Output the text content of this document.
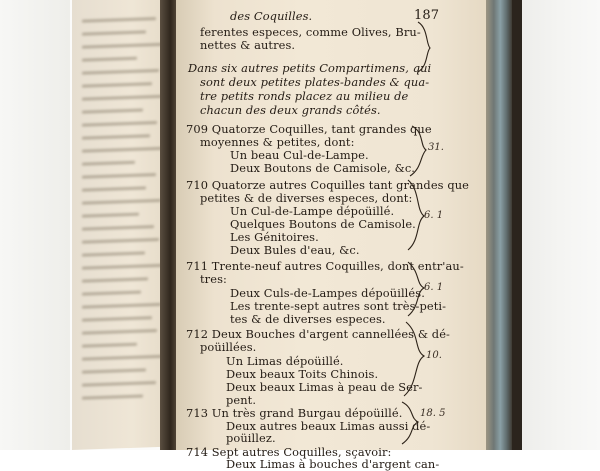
des Coquilles.	187
ferentes especes, comme Olives, Bru-
nettes & autres.
Dans six autres petits Compartimens, qui
sont deux petites plates-bandes & qua-
tre petits ronds placez au milieu de
chacun des deux grands côtés.
709 Quatorze Coquilles, tant grandes que
moyennes & petites, dont:
Un beau Cul-de-Lampe.
Deux Boutons de Camisole, &c.
710 Quatorze autres Coquilles tant grandes que
petites & de diverses especes, dont:
Un Cul-de-Lampe dépoüillé.
Quelques Boutons de Camisole.
Les Génitoires.
Deux Bules d'eau, &c.
711 Trente-neuf autres Coquilles, dont entr'au-
tres:
Deux Culs-de-Lampes dépoüillés.
Les trente-sept autres sont très-peti-
tes & de diverses especes.
712 Deux Bouches d'argent cannellées & dé-
poüillées.
Un Limas dépoüillé.
Deux beaux Toits Chinois.
Deux beaux Limas à peau de Ser-
pent.
713 Un très grand Burgau dépoüillé.
Deux autres beaux Limas aussi dé-
poüillez.
714 Sept autres Coquilles, sçavoir:
Deux Limas à bouches d'argent can-
31.
6. 1
6. 1
10.
18. 5
